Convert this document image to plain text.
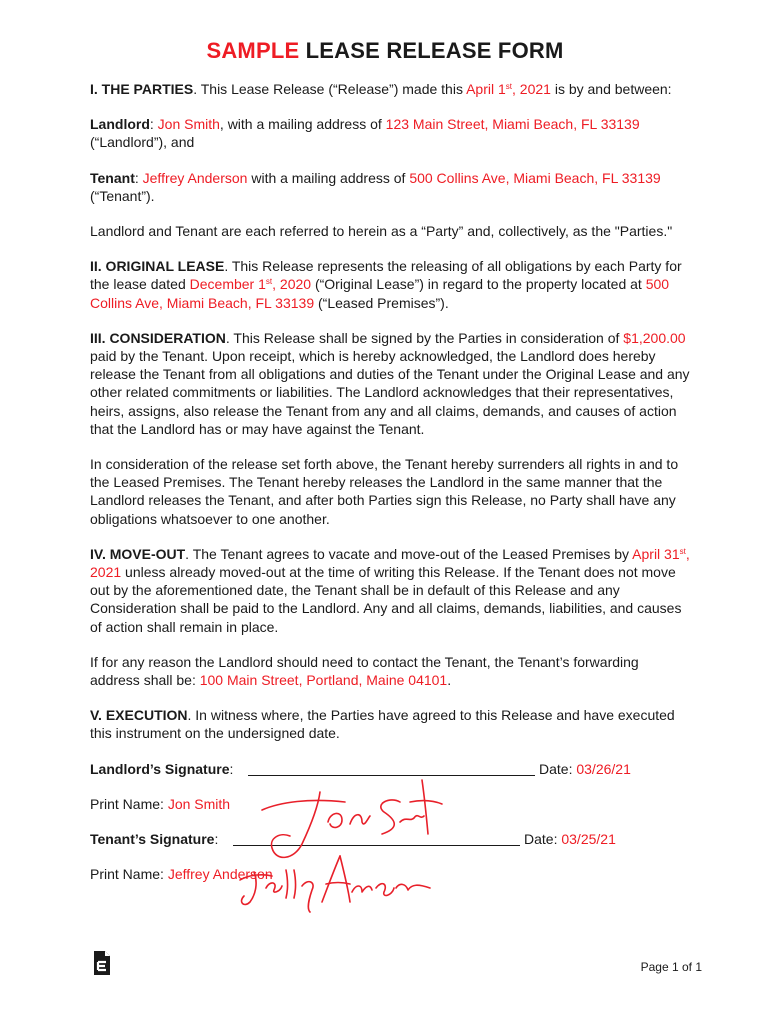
SAMPLE LEASE RELEASE FORM

I. THE PARTIES. This Lease Release (“Release”) made this April 1st, 2021 is by and between:

Landlord: Jon Smith, with a mailing address of 123 Main Street, Miami Beach, FL 33139 (“Landlord”), and

Tenant: Jeffrey Anderson with a mailing address of 500 Collins Ave, Miami Beach, FL 33139 (“Tenant”).

Landlord and Tenant are each referred to herein as a “Party” and, collectively, as the "Parties."

II. ORIGINAL LEASE. This Release represents the releasing of all obligations by each Party for the lease dated December 1st, 2020 (“Original Lease”) in regard to the property located at 500 Collins Ave, Miami Beach, FL 33139 (“Leased Premises”).

III. CONSIDERATION. This Release shall be signed by the Parties in consideration of $1,200.00 paid by the Tenant. Upon receipt, which is hereby acknowledged, the Landlord does hereby release the Tenant from all obligations and duties of the Tenant under the Original Lease and any other related commitments or liabilities. The Landlord acknowledges that their representatives, heirs, assigns, also release the Tenant from any and all claims, demands, and causes of action that the Landlord has or may have against the Tenant.

In consideration of the release set forth above, the Tenant hereby surrenders all rights in and to the Leased Premises. The Tenant hereby releases the Landlord in the same manner that the Landlord releases the Tenant, and after both Parties sign this Release, no Party shall have any obligations whatsoever to one another.

IV. MOVE-OUT. The Tenant agrees to vacate and move-out of the Leased Premises by April 31st, 2021 unless already moved-out at the time of writing this Release. If the Tenant does not move out by the aforementioned date, the Tenant shall be in default of this Release and any Consideration shall be paid to the Landlord. Any and all claims, demands, liabilities, and causes of action shall remain in place.

If for any reason the Landlord should need to contact the Tenant, the Tenant’s forwarding address shall be: 100 Main Street, Portland, Maine 04101.

V. EXECUTION. In witness where, the Parties have agreed to this Release and have executed this instrument on the undersigned date.

Landlord’s Signature:	Date: 03/26/21

Print Name: Jon Smith

Tenant’s Signature:	Date: 03/25/21

Print Name: Jeffrey Anderson

Page 1 of 1
